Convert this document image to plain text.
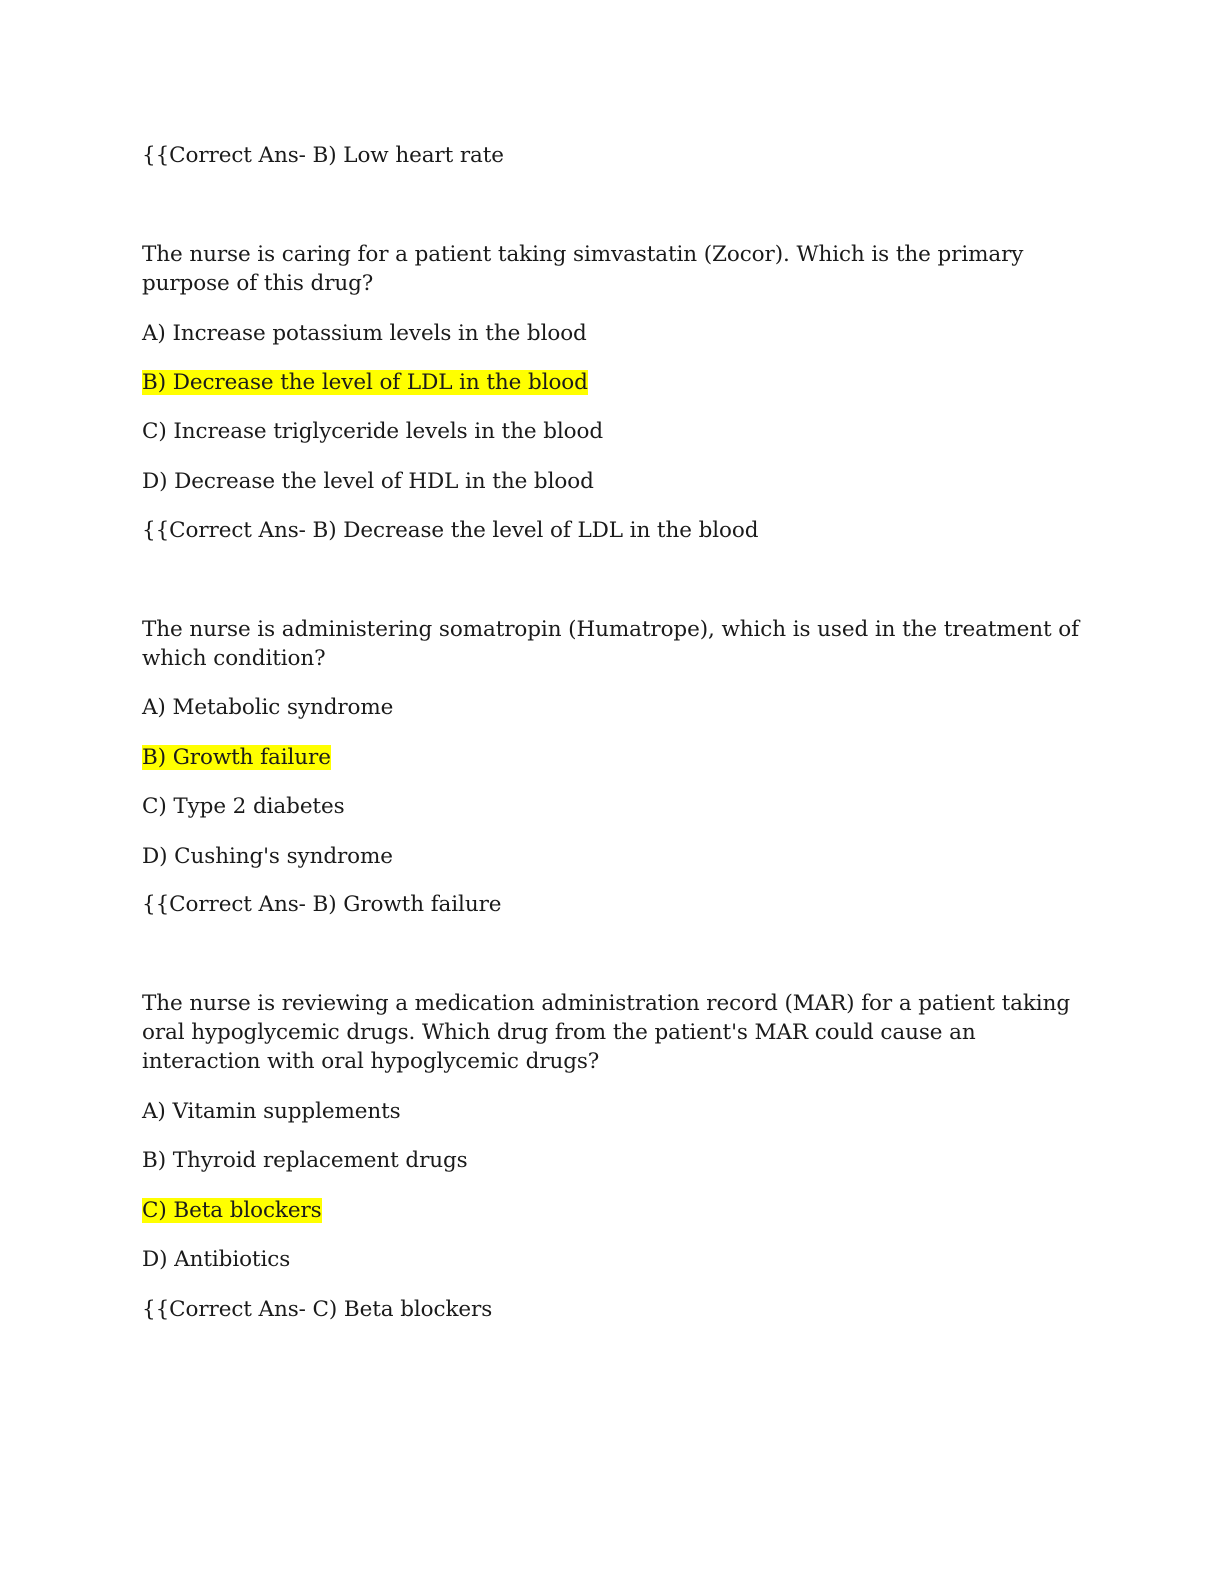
{{Correct Ans- B) Low heart rate
The nurse is caring for a patient taking simvastatin (Zocor). Which is the primary purpose of this drug?
A) Increase potassium levels in the blood
B) Decrease the level of LDL in the blood
C) Increase triglyceride levels in the blood
D) Decrease the level of HDL in the blood
{{Correct Ans- B) Decrease the level of LDL in the blood
The nurse is administering somatropin (Humatrope), which is used in the treatment of which condition?
A) Metabolic syndrome
B) Growth failure
C) Type 2 diabetes
D) Cushing's syndrome
{{Correct Ans- B) Growth failure
The nurse is reviewing a medication administration record (MAR) for a patient taking oral hypoglycemic drugs. Which drug from the patient's MAR could cause an interaction with oral hypoglycemic drugs?
A) Vitamin supplements
B) Thyroid replacement drugs
C) Beta blockers
D) Antibiotics
{{Correct Ans- C) Beta blockers
